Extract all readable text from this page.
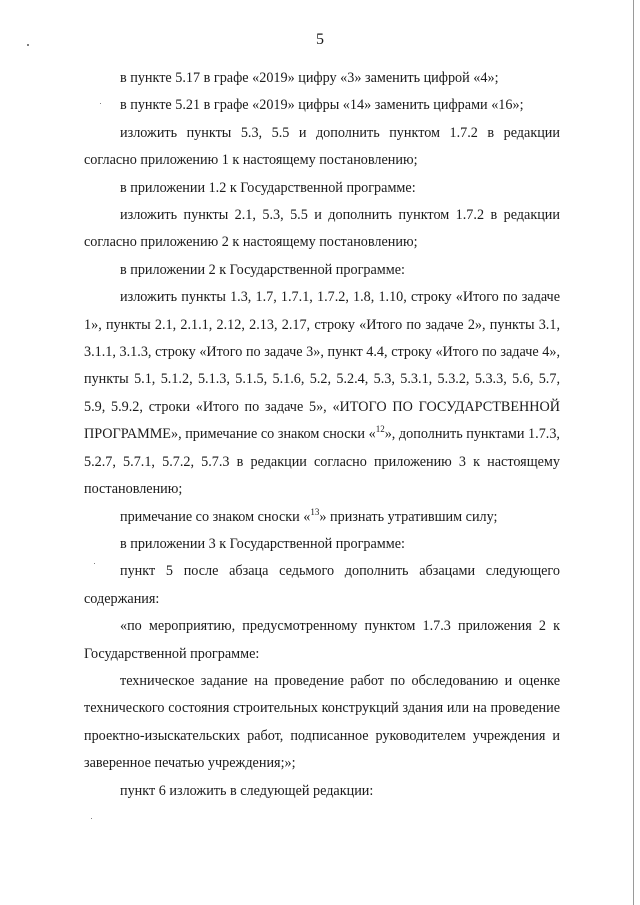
5

в пункте 5.17 в графе «2019» цифру «3» заменить цифрой «4»;

в пункте 5.21 в графе «2019» цифры «14» заменить цифрами «16»;

изложить пункты 5.3, 5.5 и дополнить пунктом 1.7.2 в редакции согласно приложению 1 к настоящему постановлению;

в приложении 1.2 к Государственной программе:

изложить пункты 2.1, 5.3, 5.5 и дополнить пунктом 1.7.2 в редакции согласно приложению 2 к настоящему постановлению;

в приложении 2 к Государственной программе:

изложить пункты 1.3, 1.7, 1.7.1, 1.7.2, 1.8, 1.10, строку «Итого по задаче 1», пункты 2.1, 2.1.1, 2.12, 2.13, 2.17, строку «Итого по задаче 2», пункты 3.1, 3.1.1, 3.1.3, строку «Итого по задаче 3», пункт 4.4, строку «Итого по задаче 4», пункты 5.1, 5.1.2, 5.1.3, 5.1.5, 5.1.6, 5.2, 5.2.4, 5.3, 5.3.1, 5.3.2, 5.3.3, 5.6, 5.7, 5.9, 5.9.2, строки «Итого по задаче 5», «ИТОГО ПО ГОСУДАРСТВЕННОЙ ПРОГРАММЕ», примечание со знаком сноски «$^{12}$», дополнить пунктами 1.7.3, 5.2.7, 5.7.1, 5.7.2, 5.7.3 в редакции согласно приложению 3 к настоящему постановлению;

примечание со знаком сноски «$^{13}$» признать утратившим силу;

в приложении 3 к Государственной программе:

пункт 5 после абзаца седьмого дополнить абзацами следующего содержания:

«по мероприятию, предусмотренному пунктом 1.7.3 приложения 2 к Государственной программе:

техническое задание на проведение работ по обследованию и оценке технического состояния строительных конструкций здания или на проведение проектно-изыскательских работ, подписанное руководителем учреждения и заверенное печатью учреждения;»;

пункт 6 изложить в следующей редакции:
